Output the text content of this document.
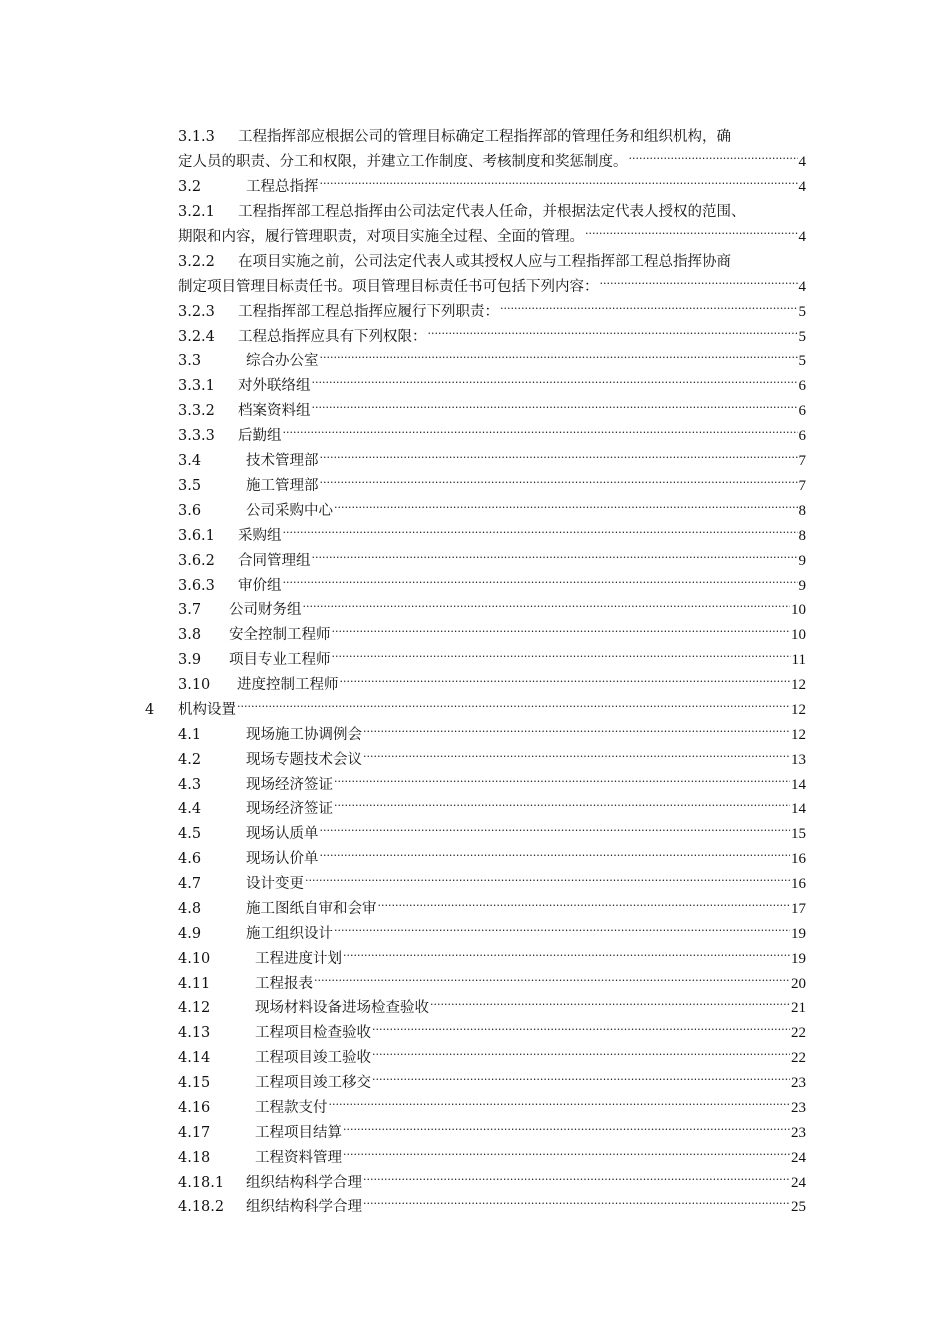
3.1.3 工程指挥部应根据公司的管理目标确定工程指挥部的管理任务和组织机构，确
定人员的职责、分工和权限，并建立工作制度、考核制度和奖惩制度。 .....	4
3.2	工程总指挥 .....	4
3.2.1 工程指挥部工程总指挥由公司法定代表人任命，并根据法定代表人授权的范围、
期限和内容，履行管理职责，对项目实施全过程、全面的管理。 .....	4
3.2.2 在项目实施之前，公司法定代表人或其授权人应与工程指挥部工程总指挥协商
制定项目管理目标责任书。项目管理目标责任书可包括下列内容： .....	4
3.2.3	工程指挥部工程总指挥应履行下列职责： .....	5
3.2.4	工程总指挥应具有下列权限： .....	5
3.3	综合办公室 .....	5
3.3.1	对外联络组 .....	6
3.3.2	档案资料组 .....	6
3.3.3	后勤组 .....	6
3.4	技术管理部 .....	7
3.5	施工管理部 .....	7
3.6	公司采购中心 .....	8
3.6.1	采购组 .....	8
3.6.2	合同管理组 .....	9
3.6.3	审价组 .....	9
3.7	公司财务组 .....	10
3.8	安全控制工程师 .....	10
3.9	项目专业工程师 .....	11
3.10	进度控制工程师 .....	12
4	机构设置 .....	12
4.1	现场施工协调例会 .....	12
4.2	现场专题技术会议 .....	13
4.3	现场经济签证 .....	14
4.4	现场经济签证 .....	14
4.5	现场认质单 .....	15
4.6	现场认价单 .....	16
4.7	设计变更 .....	16
4.8	施工图纸自审和会审 .....	17
4.9	施工组织设计 .....	19
4.10	工程进度计划 .....	19
4.11	工程报表 .....	20
4.12	现场材料设备进场检查验收 .....	21
4.13	工程项目检查验收 .....	22
4.14	工程项目竣工验收 .....	22
4.15	工程项目竣工移交 .....	23
4.16	工程款支付 .....	23
4.17	工程项目结算 .....	23
4.18	工程资料管理 .....	24
4.18.1	组织结构科学合理 .....	24
4.18.2	组织结构科学合理 .....	25
